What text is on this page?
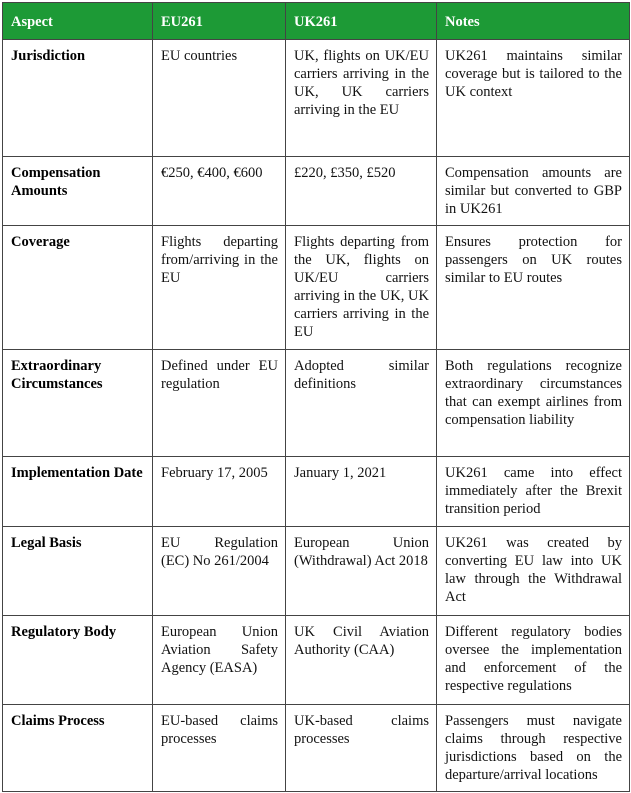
Aspect	EU261	UK261	Notes
Jurisdiction	EU countries	UK, flights on UK/EU carriers arriving in the UK, UK carriers arriving in the EU	UK261 maintains similar coverage but is tailored to the UK context
Compensation Amounts	€250, €400, €600	£220, £350, £520	Compensation amounts are similar but converted to GBP in UK261
Coverage	Flights departing from/arriving in the EU	Flights departing from the UK, flights on UK/EU carriers arriving in the UK, UK carriers arriving in the EU	Ensures protection for passengers on UK routes similar to EU routes
Extraordinary Circumstances	Defined under EU regulation	Adopted similar definitions	Both regulations recognize extraordinary circumstances that can exempt airlines from compensation liability
Implementation Date	February 17, 2005	January 1, 2021	UK261 came into effect immediately after the Brexit transition period
Legal Basis	EU Regulation (EC) No 261/2004	European Union (Withdrawal) Act 2018	UK261 was created by converting EU law into UK law through the Withdrawal Act
Regulatory Body	European Union Aviation Safety Agency (EASA)	UK Civil Aviation Authority (CAA)	Different regulatory bodies oversee the implementation and enforcement of the respective regulations
Claims Process	EU-based claims processes	UK-based claims processes	Passengers must navigate claims through respective jurisdictions based on the departure/arrival locations
